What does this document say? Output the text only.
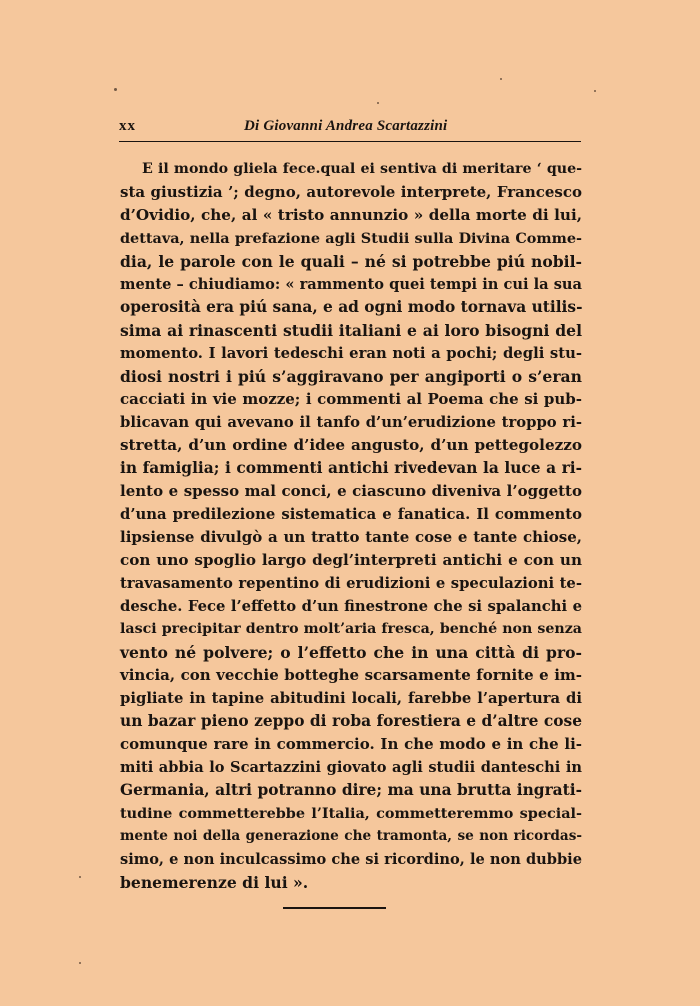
xx	Di Giovanni Andrea Scartazzini
E il mondo gliela fece.qual ei sentiva di meritare ‘ que-
sta giustizia ’; degno, autorevole interprete, Francesco
d’Ovidio, che, al « tristo annunzio » della morte di lui,
dettava, nella prefazione agli Studii sulla Divina Comme-
dia, le parole con le quali – né si potrebbe piú nobil-
mente – chiudiamo: « rammento quei tempi in cui la sua
operosità era piú sana, e ad ogni modo tornava utilis-
sima ai rinascenti studii italiani e ai loro bisogni del
momento. I lavori tedeschi eran noti a pochi; degli stu-
diosi nostri i piú s’aggiravano per angiporti o s’eran
cacciati in vie mozze; i commenti al Poema che si pub-
blicavan qui avevano il tanfo d’un’erudizione troppo ri-
stretta, d’un ordine d’idee angusto, d’un pettegolezzo
in famiglia; i commenti antichi rivedevan la luce a ri-
lento e spesso mal conci, e ciascuno diveniva l’oggetto
d’una predilezione sistematica e fanatica. Il commento
lipsiense divulgò a un tratto tante cose e tante chiose,
con uno spoglio largo degl’interpreti antichi e con un
travasamento repentino di erudizioni e speculazioni te-
desche. Fece l’effetto d’un finestrone che si spalanchi e
lasci precipitar dentro molt’aria fresca, benché non senza
vento né polvere; o l’effetto che in una città di pro-
vincia, con vecchie botteghe scarsamente fornite e im-
pigliate in tapine abitudini locali, farebbe l’apertura di
un bazar pieno zeppo di roba forestiera e d’altre cose
comunque rare in commercio. In che modo e in che li-
miti abbia lo Scartazzini giovato agli studii danteschi in
Germania, altri potranno dire; ma una brutta ingrati-
tudine commetterebbe l’Italia, commetteremmo special-
mente noi della generazione che tramonta, se non ricordas-
simo, e non inculcassimo che si ricordino, le non dubbie
benemerenze di lui ».
